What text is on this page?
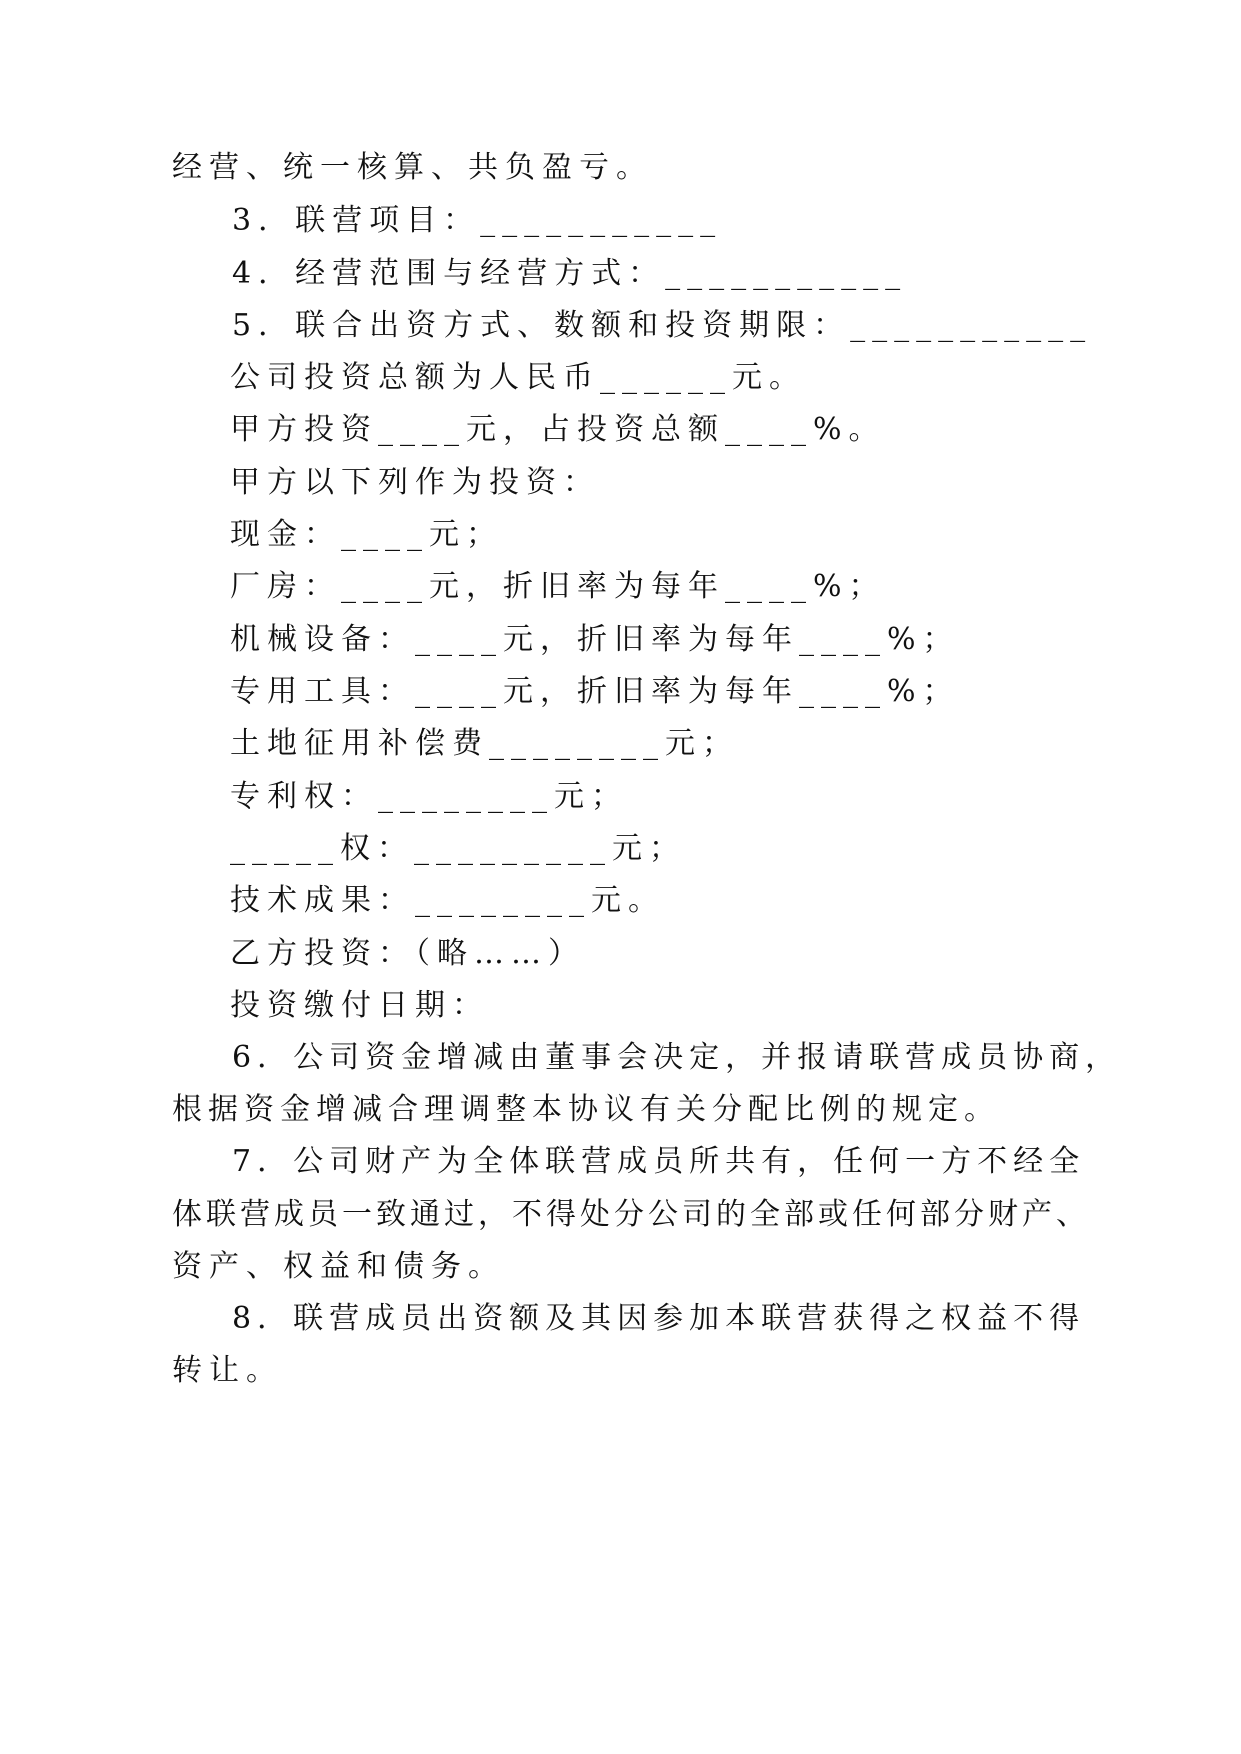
经营、统一核算、共负盈亏。
3．联营项目：___________
4．经营范围与经营方式：___________
5．联合出资方式、数额和投资期限：___________
公司投资总额为人民币______元。
甲方投资____元，占投资总额____%。
甲方以下列作为投资：
现金：____元；
厂房：____元，折旧率为每年____%；
机械设备：____元，折旧率为每年____%；
专用工具：____元，折旧率为每年____%；
土地征用补偿费________元；
专利权：________元；
_____权：_________元；
技术成果：________元。
乙方投资：（略……）
投资缴付日期：
6．公司资金增减由董事会决定，并报请联营成员协商，
根据资金增减合理调整本协议有关分配比例的规定。
7．公司财产为全体联营成员所共有，任何一方不经全
体联营成员一致通过，不得处分公司的全部或任何部分财产、
资产、权益和债务。
8．联营成员出资额及其因参加本联营获得之权益不得
转让。
